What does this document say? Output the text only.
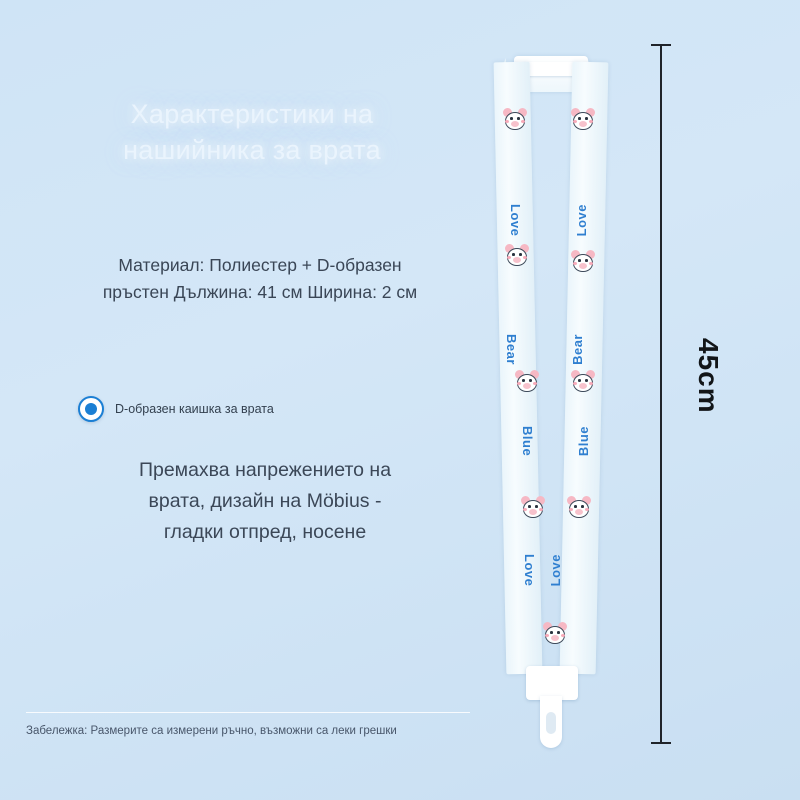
Характеристики на
нашийника за врата
Материал: Полиестер + D-образен
пръстен Дължина: 41 см Ширина: 2 см
D-образен каишка за врата
Премахва напрежението на
врата, дизайн на Möbius -
гладки отпред, носене
Забележка: Размерите са измерени ръчно, възможни са леки грешки
Love	Love
Bear	Bear
Blue	Blue
Love Love
45cm
